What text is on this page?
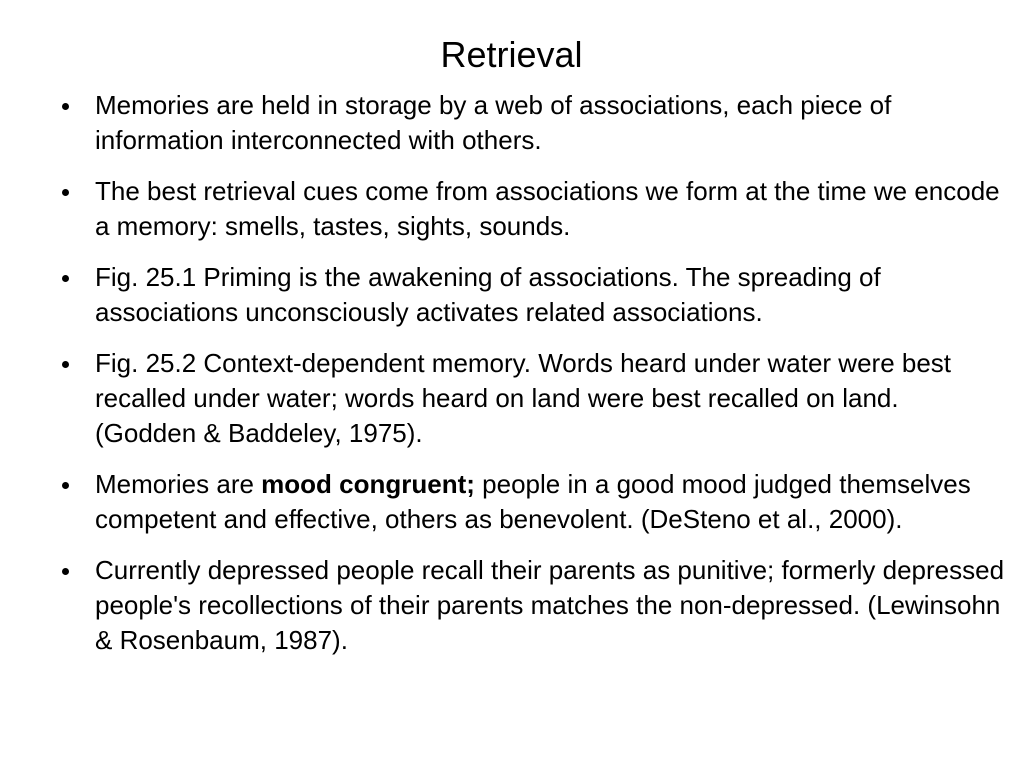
Retrieval
Memories are held in storage by a web of associations, each piece of information interconnected with others.
The best retrieval cues come from associations we form at the time we encode a memory: smells, tastes, sights, sounds.
Fig. 25.1 Priming is the awakening of associations. The spreading of associations unconsciously activates related associations.
Fig. 25.2 Context-dependent memory. Words heard under water were best recalled under water; words heard on land were best recalled on land. (Godden & Baddeley, 1975).
Memories are mood congruent; people in a good mood judged themselves competent and effective, others as benevolent. (DeSteno et al., 2000).
Currently depressed people recall their parents as punitive; formerly depressed people's recollections of their parents matches the non-depressed. (Lewinsohn & Rosenbaum, 1987).
